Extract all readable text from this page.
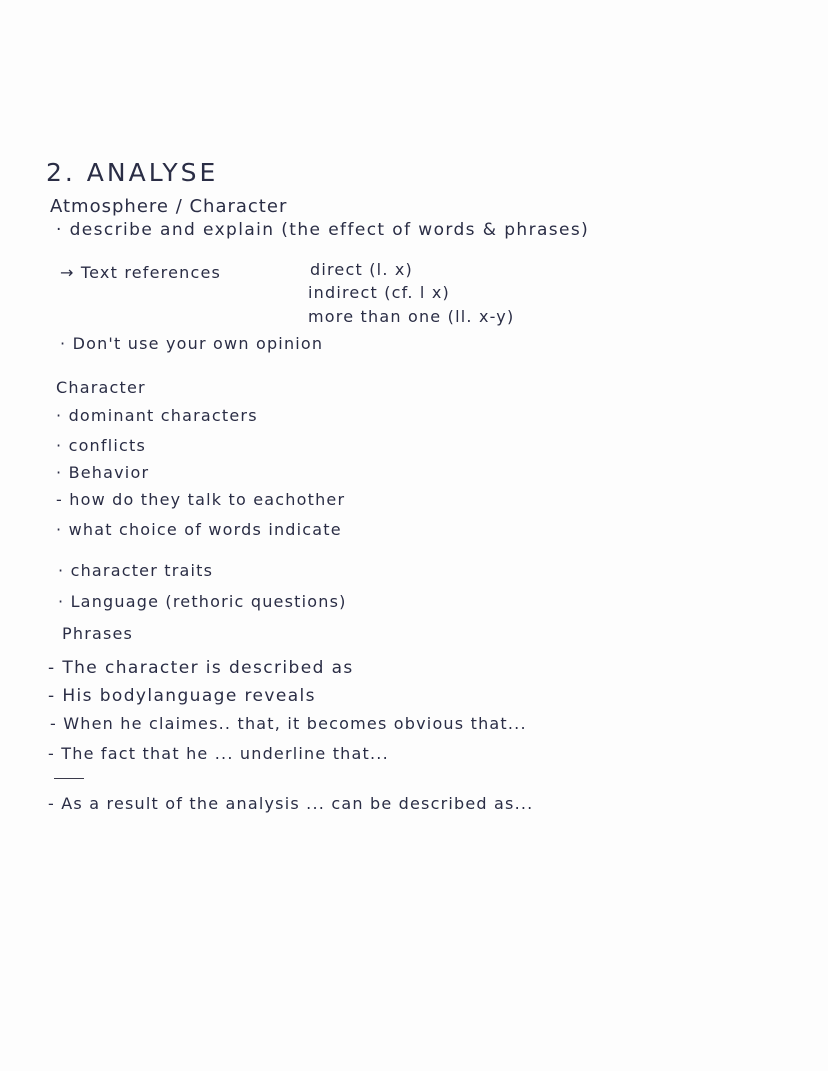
2. ANALYSE
Atmosphere / Character
· describe and explain (the effect of words & phrases)
→ Text references	direct (l. x)
indirect (cf. l x)
more than one (ll. x-y)
· Don't use your own opinion
Character
· dominant characters
· conflicts
· Behavior
- how do they talk to eachother
· what choice of words indicate
· character traits
· Language (rethoric questions)
Phrases
- The character is described as
- His bodylanguage reveals
- When he claimes.. that, it becomes obvious that...
- The fact that he ... underline that...
- As a result of the analysis ... can be described as...
